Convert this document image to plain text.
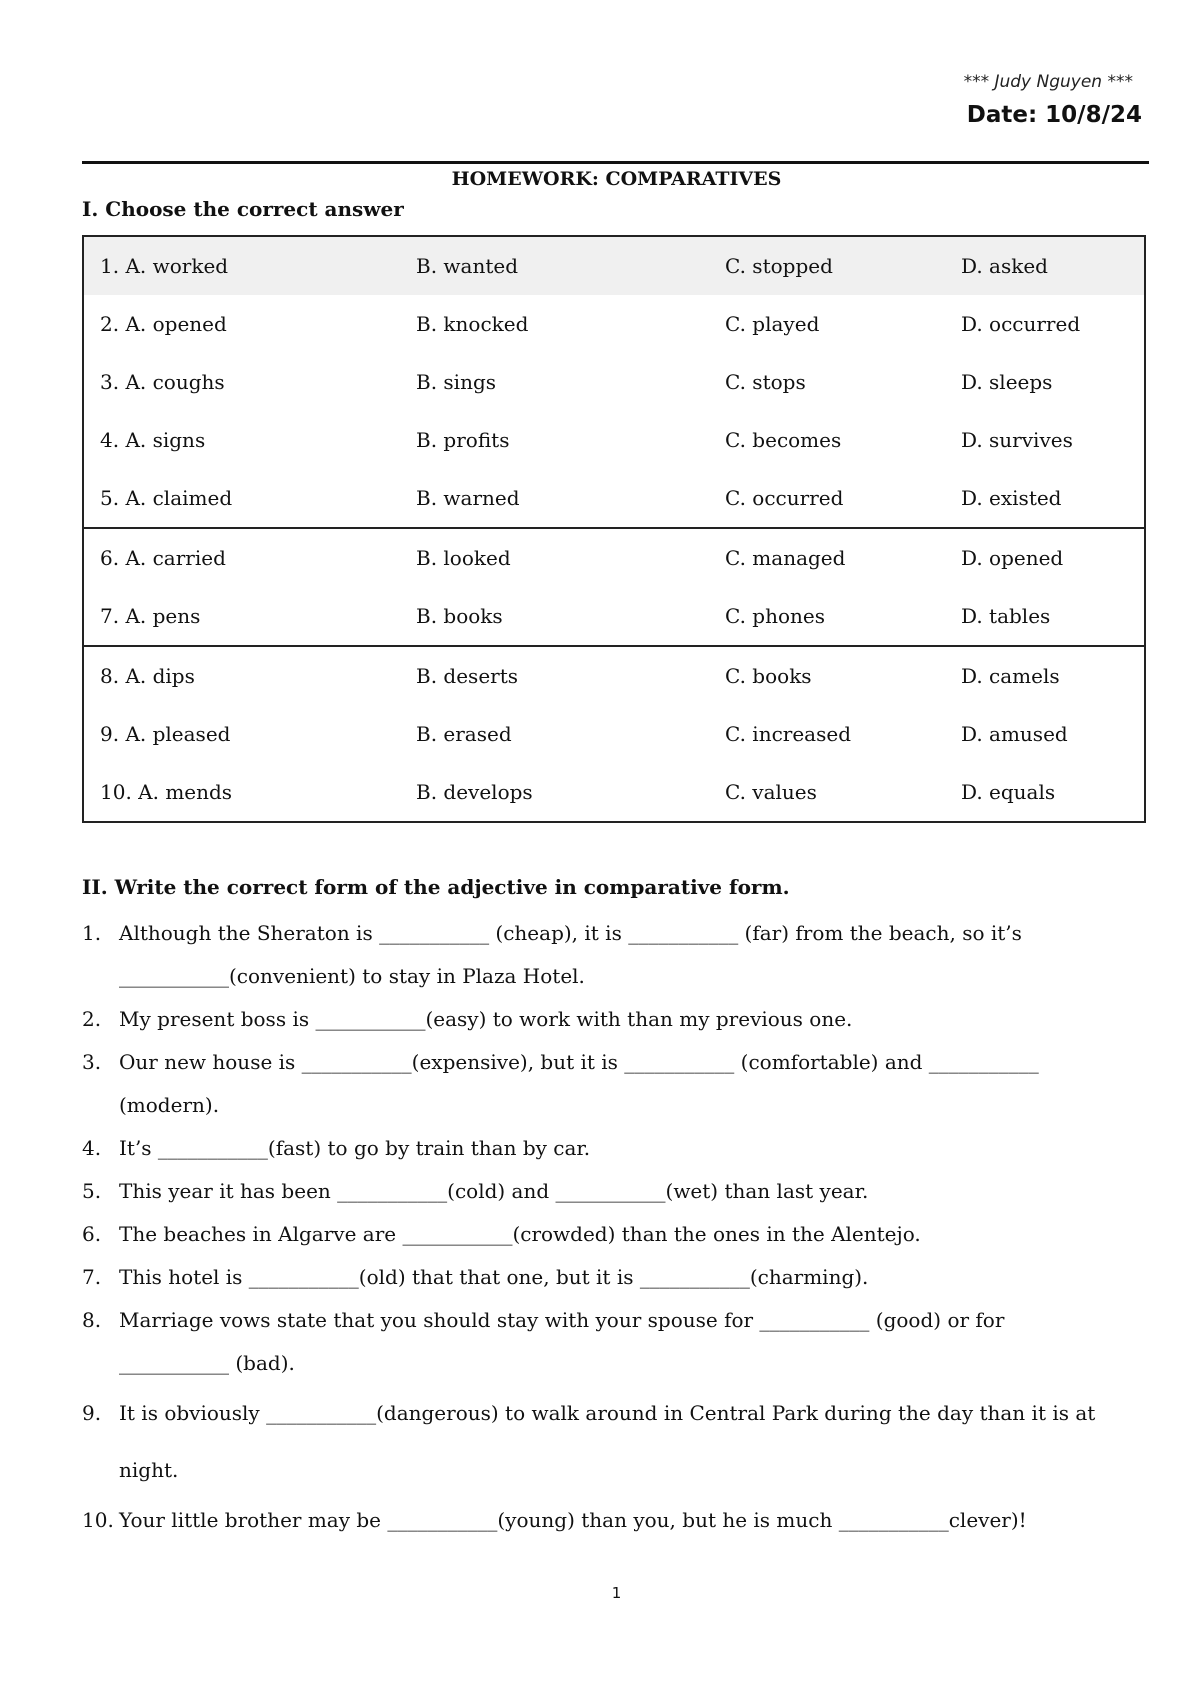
*** Judy Nguyen ***
Date: 10/8/24
HOMEWORK: COMPARATIVES
I. Choose the correct answer
1. A. worked	B. wanted	C. stopped	D. asked
2. A. opened	B. knocked	C. played	D. occurred
3. A. coughs	B. sings	C. stops	D. sleeps
4. A. signs	B. profits	C. becomes	D. survives
5. A. claimed	B. warned	C. occurred	D. existed
6. A. carried	B. looked	C. managed	D. opened
7. A. pens	B. books	C. phones	D. tables
8. A. dips	B. deserts	C. books	D. camels
9. A. pleased	B. erased	C. increased	D. amused
10. A. mends	B. develops	C. values	D. equals
II. Write the correct form of the adjective in comparative form.
1. Although the Sheraton is ___________ (cheap), it is ___________ (far) from the beach, so it’s
___________(convenient) to stay in Plaza Hotel.
2. My present boss is ___________(easy) to work with than my previous one.
3. Our new house is ___________(expensive), but it is ___________ (comfortable) and ___________
(modern).
4. It’s ___________(fast) to go by train than by car.
5. This year it has been ___________(cold) and ___________(wet) than last year.
6. The beaches in Algarve are ___________(crowded) than the ones in the Alentejo.
7. This hotel is ___________(old) that that one, but it is ___________(charming).
8. Marriage vows state that you should stay with your spouse for ___________ (good) or for
___________ (bad).
9. It is obviously ___________(dangerous) to walk around in Central Park during the day than it is at
night.
10. Your little brother may be ___________(young) than you, but he is much ___________clever)!
1
